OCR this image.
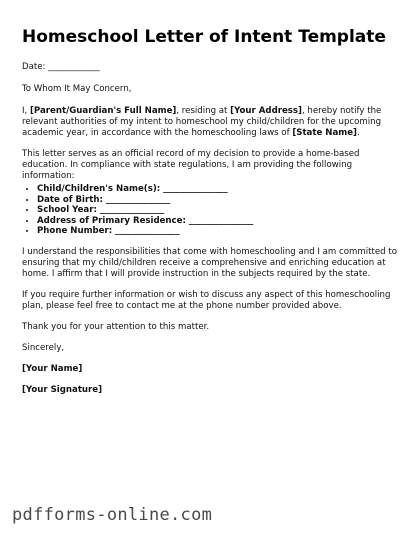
Homeschool Letter of Intent Template

Date: ____________

To Whom It May Concern,

I, [Parent/Guardian's Full Name], residing at [Your Address], hereby notify the relevant authorities of my intent to homeschool my child/children for the upcoming academic year, in accordance with the homeschooling laws of [State Name].

This letter serves as an official record of my decision to provide a home-based education. In compliance with state regulations, I am providing the following information:

• Child/Children's Name(s): _______________
• Date of Birth: _______________
• School Year: _______________
• Address of Primary Residence: _______________
• Phone Number: _______________

I understand the responsibilities that come with homeschooling and I am committed to ensuring that my child/children receive a comprehensive and enriching education at home. I affirm that I will provide instruction in the subjects required by the state.

If you require further information or wish to discuss any aspect of this homeschooling plan, please feel free to contact me at the phone number provided above.

Thank you for your attention to this matter.

Sincerely,

[Your Name]

[Your Signature]

pdfforms-online.com
